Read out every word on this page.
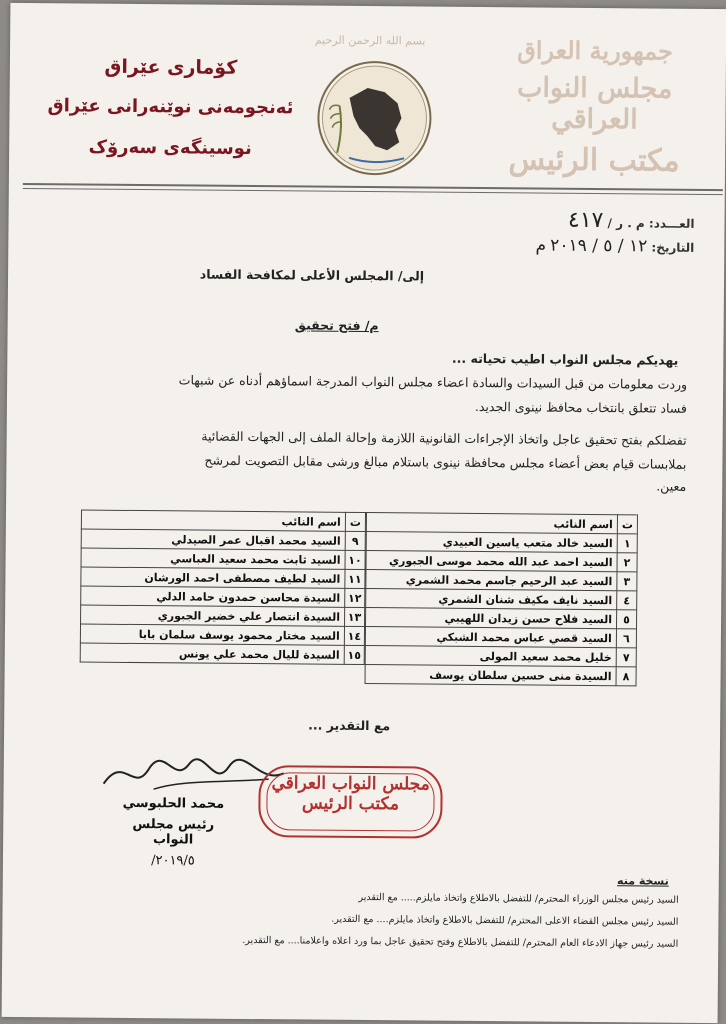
کۆماری عێراق
ئەنجومەنی نوێنەرانی عێراق
نوسینگەی سەرۆک
بسم الله الرحمن الرحيم	جمهورية العراق
مجلس النواب العراقي
مكتب الرئيس
العـــدد: م . ر / ٤١٧
التاريخ: ١٢ / ٥ / ٢٠١٩ م
إلى/ المجلس الأعلى لمكافحة الفساد
م/ فتح تحقيق
يهديكم مجلس النواب اطيب تحياته ...
وردت معلومات من قبل السيدات والسادة اعضاء مجلس النواب المدرجة اسماؤهم أدناه عن شبهات
فساد تتعلق بانتخاب محافظ نينوى الجديد.
تفضلكم بفتح تحقيق عاجل واتخاذ الإجراءات القانونية اللازمة وإحالة الملف إلى الجهات القضائية
بملابسات قيام بعض أعضاء مجلس محافظة نينوى باستلام مبالغ ورشى مقابل التصويت لمرشح
معين.
ت	اسم النائب
١	السيد خالد متعب ياسين العبيدي
٢	السيد احمد عبد الله محمد موسى الجبوري
٣	السيد عبد الرحيم جاسم محمد الشمري
٤	السيد نايف مكيف شنان الشمري
٥	السيد فلاح حسن زيدان اللهيبي
٦	السيد قصي عباس محمد الشبكي
٧	خليل محمد سعيد المولى
٨	السيدة منى حسين سلطان يوسف
ت	اسم النائب
٩	السيد محمد اقبال عمر الصيدلي
١٠	السيد ثابت محمد سعيد العباسي
١١	السيد لطيف مصطفى احمد الورشان
١٢	السيدة محاسن حمدون حامد الدلي
١٣	السيدة انتصار علي خضير الجبوري
١٤	السيد مختار محمود يوسف سلمان بابا
١٥	السيدة لليال محمد علي يونس
مع التقدير ...
محمد الحلبوسي
رئيس مجلس النواب
٢٠١٩/٥/
مجلس النواب العراقي
مكتب الرئيس
نسخة منه
السيد رئيس مجلس الوزراء المحترم/ للتفضل بالاطلاع واتخاذ مايلزم..... مع التقدير
السيد رئيس مجلس القضاء الاعلى المحترم/ للتفضل بالاطلاع واتخاذ مايلزم.... مع التقدير.
السيد رئيس جهاز الادعاء العام المحترم/ للتفضل بالاطلاع وفتح تحقيق عاجل بما ورد اعلاه واعلامنا.... مع التقدير.
